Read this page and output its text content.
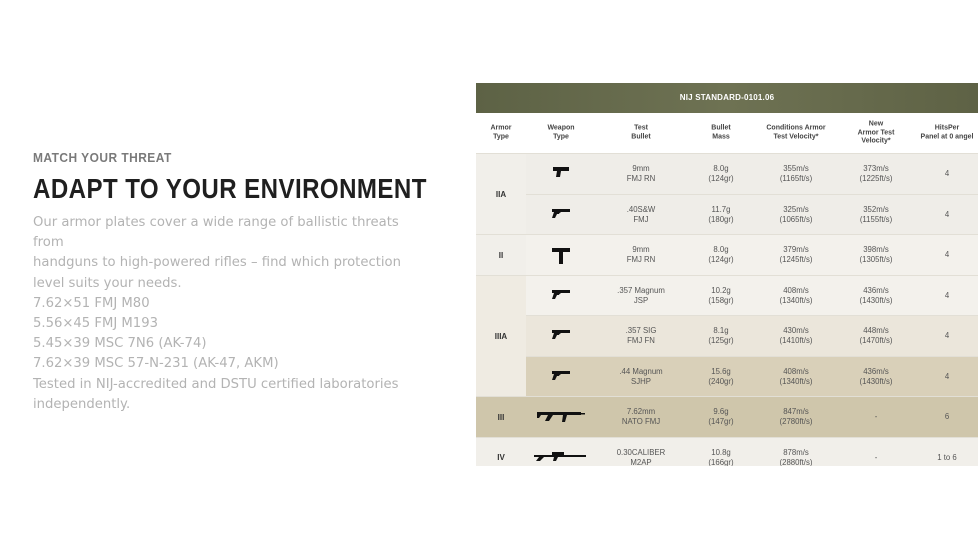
MATCH YOUR THREAT
ADAPT TO YOUR ENVIRONMENT
Our armor plates cover a wide range of ballistic threats from
handguns to high-powered rifles – find which protection
level suits your needs.
7.62×51 FMJ M80
5.56×45 FMJ M193
5.45×39 MSC 7N6 (AK-74)
7.62×39 MSC 57-N-231 (AK-47, AKM)
Tested in NIJ-accredited and DSTU certified laboratories
independently.
NIJ STANDARD-0101.06
Armor
Type
Weapon
Type
Test
Bullet
Bullet
Mass
Conditions Armor
Test Velocity*
New
Armor Test
Velocity*
HitsPer
Panel at 0 angel
9mm
FMJ RN
8.0g
(124gr)
355m/s
(1165ft/s)
373m/s
(1225ft/s)
4
.40S&W
FMJ
11.7g
(180gr)
325m/s
(1065ft/s)
352m/s
(1155ft/s)
4
9mm
FMJ RN
8.0g
(124gr)
379m/s
(1245ft/s)
398m/s
(1305ft/s)
4
.357 Magnum
JSP
10.2g
(158gr)
408m/s
(1340ft/s)
436m/s
(1430ft/s)
4
.357 SIG
FMJ FN
8.1g
(125gr)
430m/s
(1410ft/s)
448m/s
(1470ft/s)
4
.44 Magnum
SJHP
15.6g
(240gr)
408m/s
(1340ft/s)
436m/s
(1430ft/s)
4
7.62mm
NATO FMJ
9.6g
(147gr)
847m/s
(2780ft/s)
-	6
0.30CALIBER
M2AP
10.8g
(166gr)
878m/s
(2880ft/s)
-	1 to 6
IIA
II
IIIA
III
IV
